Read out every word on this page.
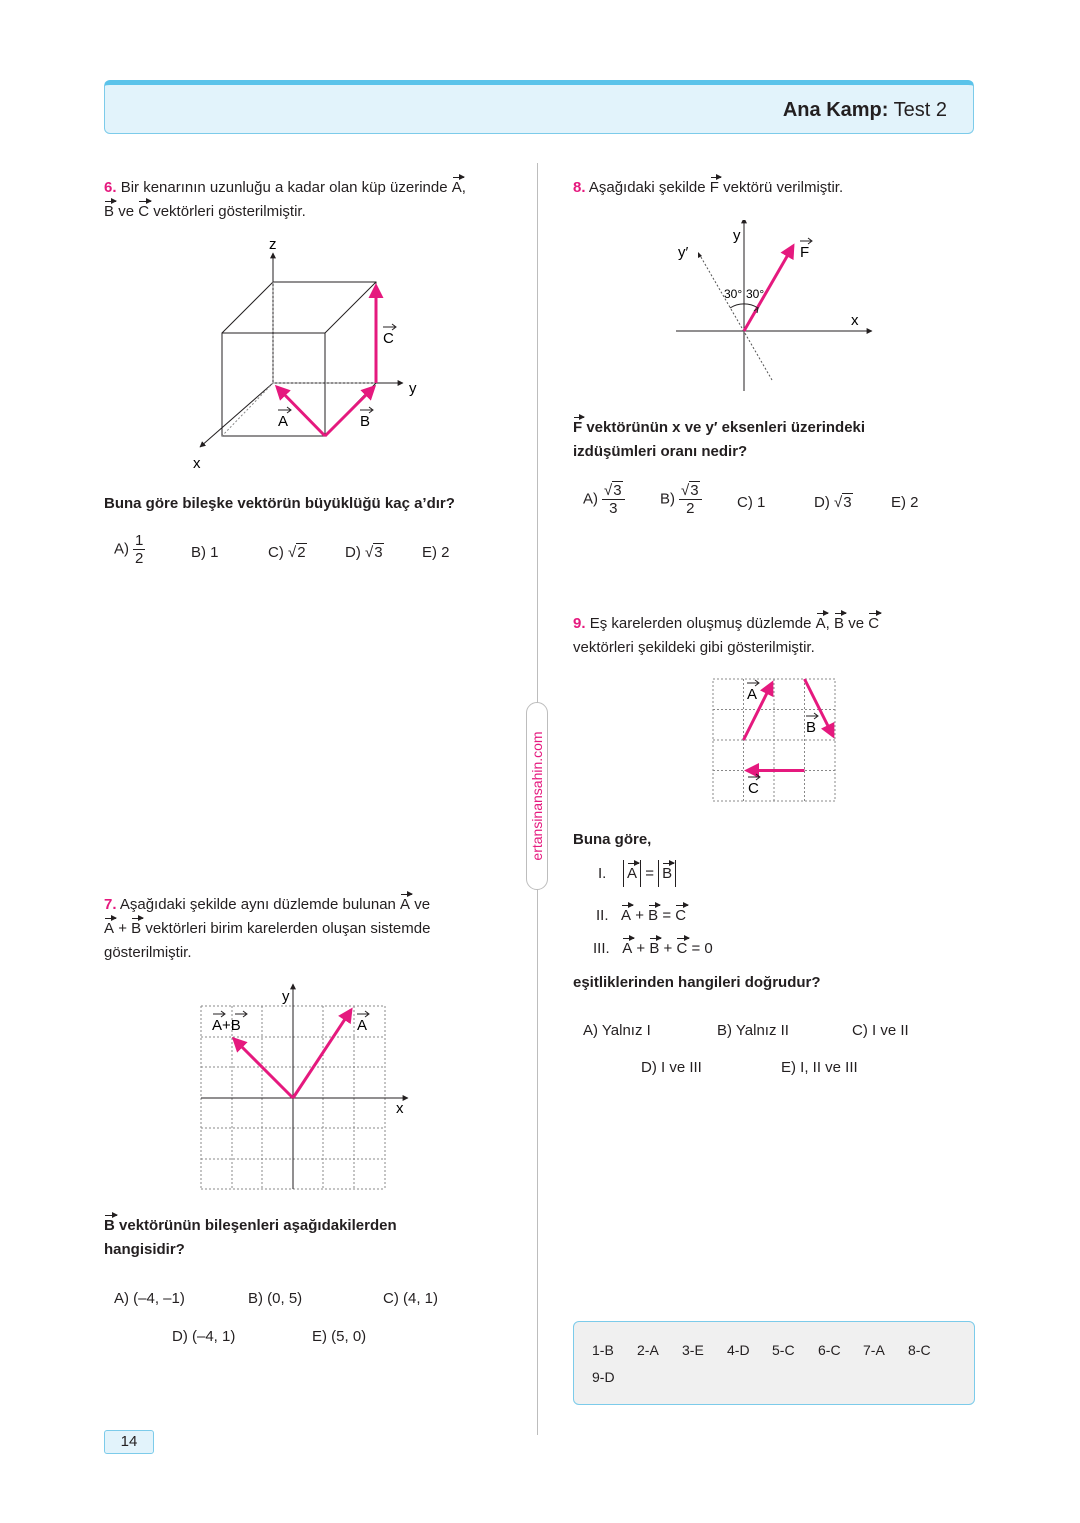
Ana Kamp: Test 2
ertansinansahin.com
6. Bir kenarının uzunluğu a kadar olan küp üzerinde A,
B ve C vektörleri gösterilmiştir.
z
y
x
A	B
C
Buna göre bileşke vektörün büyüklüğü kaç a’dır?
$A) \frac{1}{2}$	B) 1	C) √2	D) √3	E) 2
7. Aşağıdaki şekilde aynı düzlemde bulunan A ve
A + B vektörleri birim karelerden oluşan sistemde
gösterilmiştir.
A+B	A
x
y
B vektörünün bileşenleri aşağıdakilerden
hangisidir?
A) (–4, –1)	B) (0, 5)	C) (4, 1)
D) (–4, 1)	E) (5, 0)
8. Aşağıdaki şekilde F vektörü verilmiştir.
30° 30°
y
y′
x
F
F vektörünün x ve y′ eksenleri üzerindeki
izdüşümleri oranı nedir?
$A) \frac{√3}{3} B) \frac{√3}{2} C$) 1	D) √3	E) 2
9. Eş karelerden oluşmuş düzlemde A, B ve C
vektörleri şekildeki gibi gösterilmiştir.
A
B
C
Buna göre,
I. A = B
II. A + B = C
III. A + B + C = 0
eşitliklerinden hangileri doğrudur?
A) Yalnız I	B) Yalnız II	C) I ve II
D) I ve III	E) I, II ve III
1-B 2-A 3-E 4-D 5-C 6-C 7-A 8-C
9-D
14
